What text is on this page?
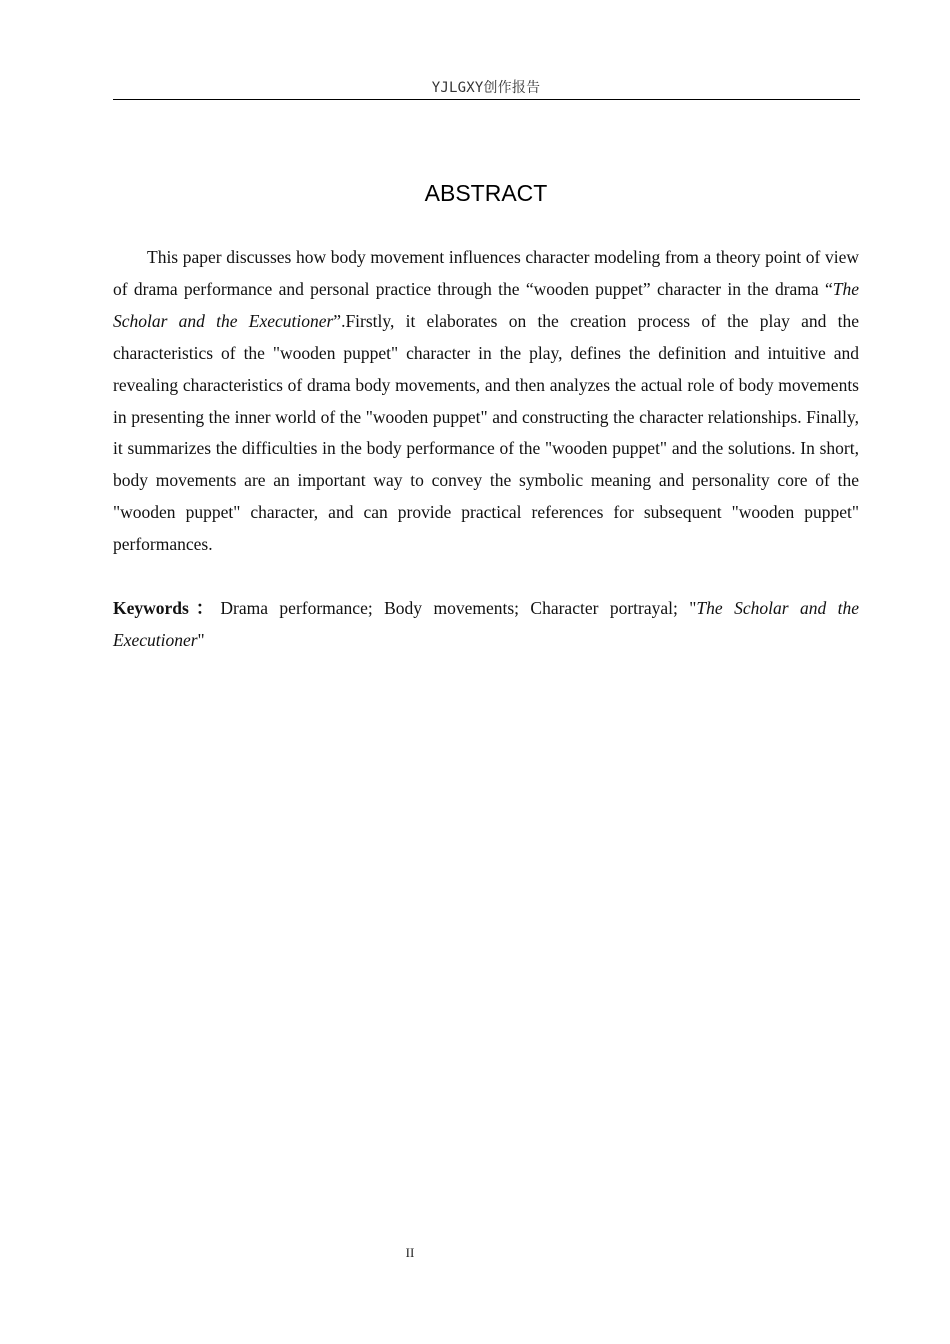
YJLGXY创作报告
ABSTRACT

This paper discusses how body movement influences character modeling from a theory point of view of drama performance and personal practice through the “wooden puppet” character in the drama “The Scholar and the Executioner”.Firstly, it elaborates on the creation process of the play and the characteristics of the "wooden puppet" character in the play, defines the definition and intuitive and revealing characteristics of drama body movements, and then analyzes the actual role of body movements in presenting the inner world of the "wooden puppet" and constructing the character relationships. Finally, it summarizes the difficulties in the body performance of the "wooden puppet" and the solutions. In short, body movements are an important way to convey the symbolic meaning and personality core of the "wooden puppet" character, and can provide practical references for subsequent "wooden puppet" performances.

Keywords：Drama performance; Body movements; Character portrayal; "The Scholar and the Executioner"

II
